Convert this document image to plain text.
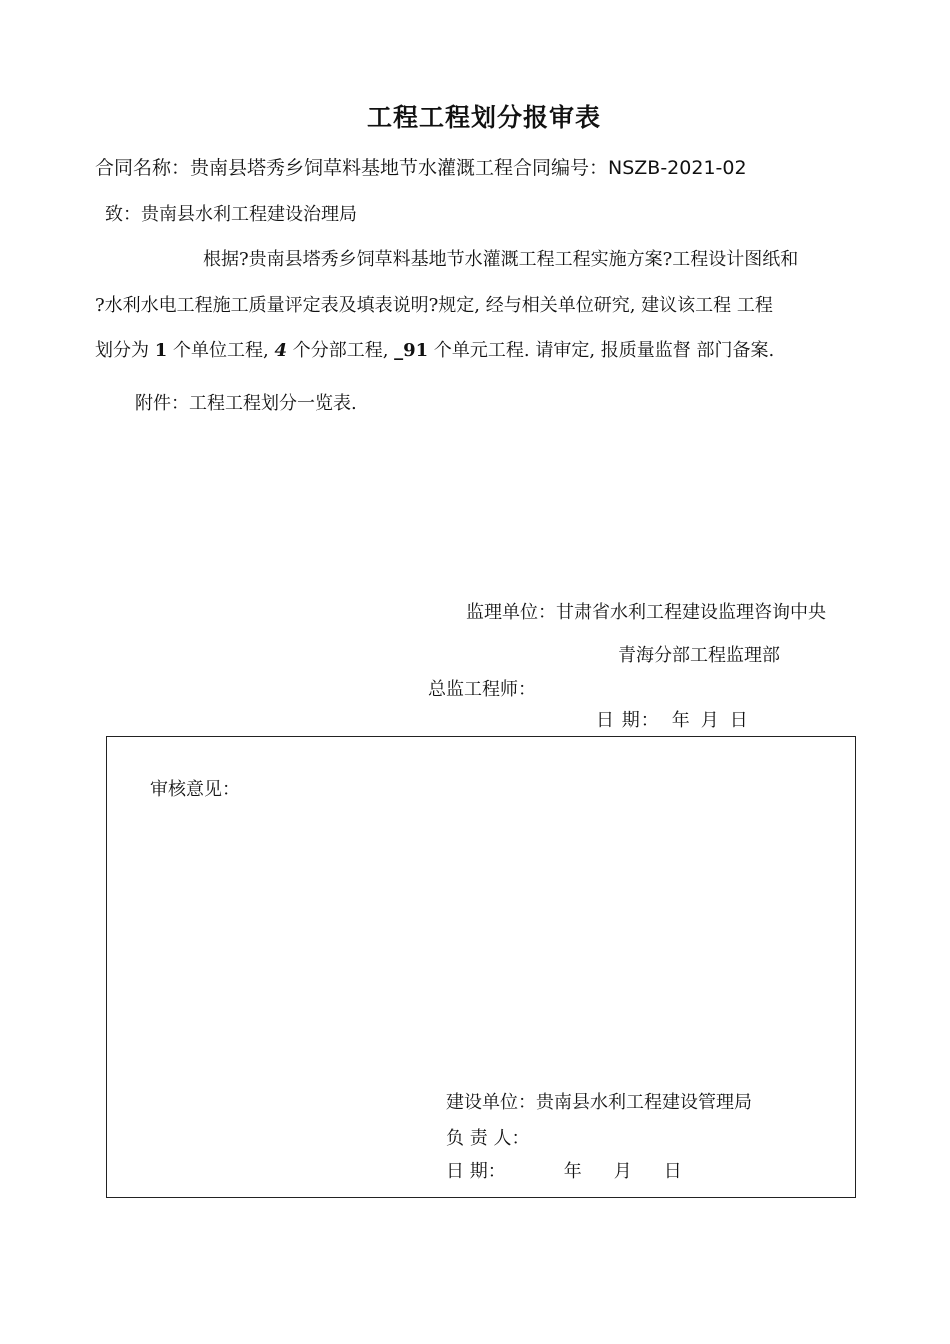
工程工程划分报审表
合同名称：贵南县塔秀乡饲草料基地节水灌溉工程合同编号：NSZB-2021-02
致：贵南县水利工程建设治理局
根据?贵南县塔秀乡饲草料基地节水灌溉工程工程实施方案?工程设计图纸和
?水利水电工程施工质量评定表及填表说明?规定, 经与相关单位研究, 建议该工程 工程
划分为 1 个单位工程, 4 个分部工程, _91 个单元工程. 请审定, 报质量监督 部门备案.
附件：工程工程划分一览表.
监理单位：甘肃省水利工程建设监理咨询中央
青海分部工程监理部
总监工程师：
日 期： 年 月 日
审核意见：
建设单位：贵南县水利工程建设管理局
负 责 人：
日 期：	年 月 日
